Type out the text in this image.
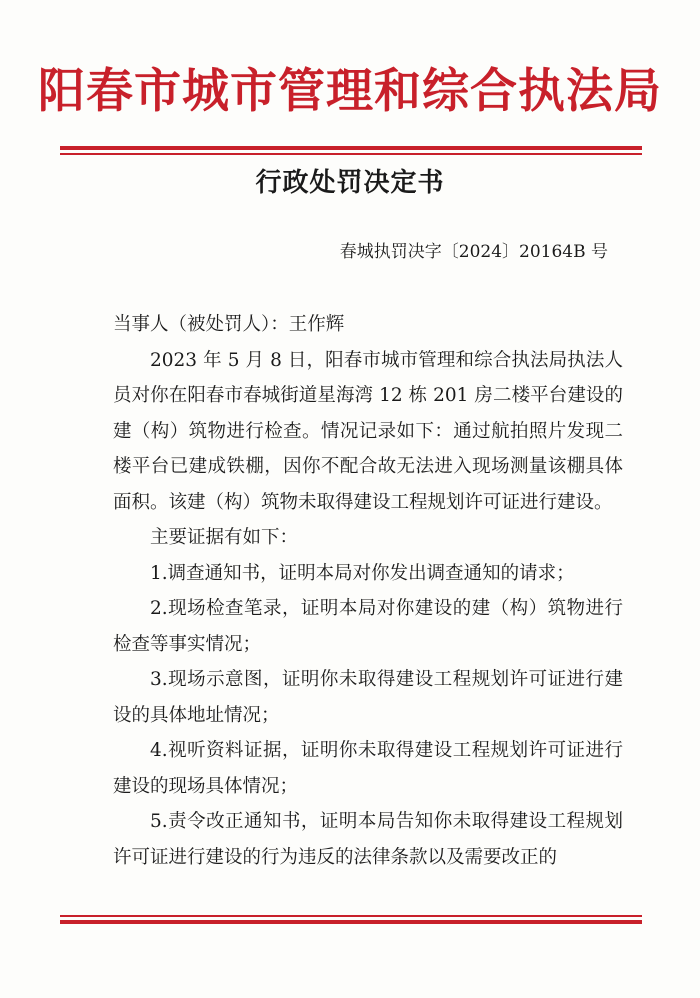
阳春市城市管理和综合执法局
行政处罚决定书
春城执罚决字〔2024〕20164B 号

当事人（被处罚人）：王作辉

2023 年 5 月 8 日，阳春市城市管理和综合执法局执法人员对你在阳春市春城街道星海湾 12 栋 201 房二楼平台建设的建（构）筑物进行检查。情况记录如下：通过航拍照片发现二楼平台已建成铁棚，因你不配合故无法进入现场测量该棚具体面积。该建（构）筑物未取得建设工程规划许可证进行建设。

主要证据有如下：

1.调查通知书，证明本局对你发出调查通知的请求；

2.现场检查笔录，证明本局对你建设的建（构）筑物进行检查等事实情况；

3.现场示意图，证明你未取得建设工程规划许可证进行建设的具体地址情况；

4.视听资料证据，证明你未取得建设工程规划许可证进行建设的现场具体情况；

5.责令改正通知书，证明本局告知你未取得建设工程规划许可证进行建设的行为违反的法律条款以及需要改正的
